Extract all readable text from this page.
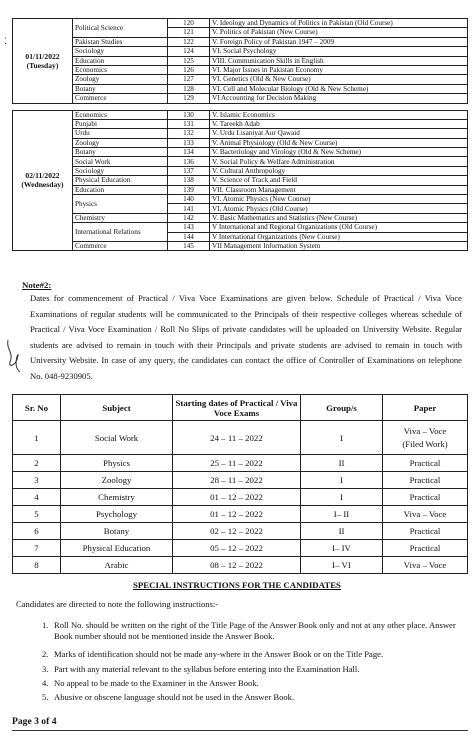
⁚
01/11/2022
(Tuesday)	Political Science	120	V. Ideology and Dynamics of Politics in Pakistan (Old Course)
		121	V. Politics of Pakistan (New Course)
	Pakistan Studies	122	V. Foreign Policy of Pakistan 1947 – 2009
	Sociology	124	VI. Social Psychology
	Education	125	VIII. Communication Skills in English
	Economics	126	VI. Major Issues in Pakistan Economy
	Zoology	127	VI. Genetics (Old & New Course)
	Botany	128	VI. Cell and Molecular Biology (Old & New Scheme)
	Commerce	129	VI Accounting for Decision Making

02/11/2022
(Wednesday)	Economics	130	V. Islamic Economics
	Punjabi	131	V. Tareekh Adab
	Urdu	132	V. Urdu Lisaniyat Aur Qawaid
	Zoology	133	V. Animal Physiology (Old & New Course)
	Botany	134	V. Bacteriology and Virology (Old & New Scheme)
	Social Work	136	V. Social Policy & Welfare Administration
	Sociology	137	V. Cultural Anthropology
	Physical Education	138	V. Science of Track and Field
	Education	139	VII. Classroom Management
	Physics	140	VI. Atomic Physics (New Course)
		141	VI. Atomic Physics (Old Course)
	Chemistry	142	V. Basic Mathematics and Statistics (New Course)
	International Relations	143	V International and Regional Organizations (Old Course)
		144	V International Organizations (New Course)
	Commerce	145	VII Management Information System
Note#2:
Dates for commencement of Practical / Viva Voce Examinations are given below. Schedule of Practical / Viva Voce Examinations of regular students will be communicated to the Principals of their respective colleges whereas schedule of Practical / Viva Voce Examination / Roll No Slips of private candidates will be uploaded on University Website. Regular students are advised to remain in touch with their Principals and private students are advised to remain in touch with University Website. In case of any query, the candidates can contact the office of Controller of Examinations on telephone No. 048-9230905.
Sr. No	Subject	Starting dates of Practical / Viva Voce Exams	Group/s	Paper
1	Social Work	24 – 11 – 2022	I	Viva – Voce
(Filed Work)
2	Physics	25 – 11 – 2022	II	Practical
3	Zoology	28 – 11 – 2022	I	Practical
4	Chemistry	01 – 12 – 2022	I	Practical
5	Psychology	01 – 12 – 2022	I– II	Viva – Voce
6	Botany	02 – 12 – 2022	II	Practical
7	Physical Education	05 – 12 – 2022	I– IV	Practical
8	Arabic	08 – 12 – 2022	I– VI	Viva – Voce
SPECIAL INSTRUCTIONS FOR THE CANDIDATES
Candidates are directed to note the following instructions:-
1. Roll No. should be written on the right of the Title Page of the Answer Book only and not at any other place. Answer Book number should not be mentioned inside the Answer Book.
2. Marks of identification should not be made any-where in the Answer Book or on the Title Page.
3. Part with any material relevant to the syllabus before entering into the Examination Hall.
4. No appeal to be made to the Examiner in the Answer Book.
5. Abusive or obscene language should not be used in the Answer Book.
Page 3 of 4
